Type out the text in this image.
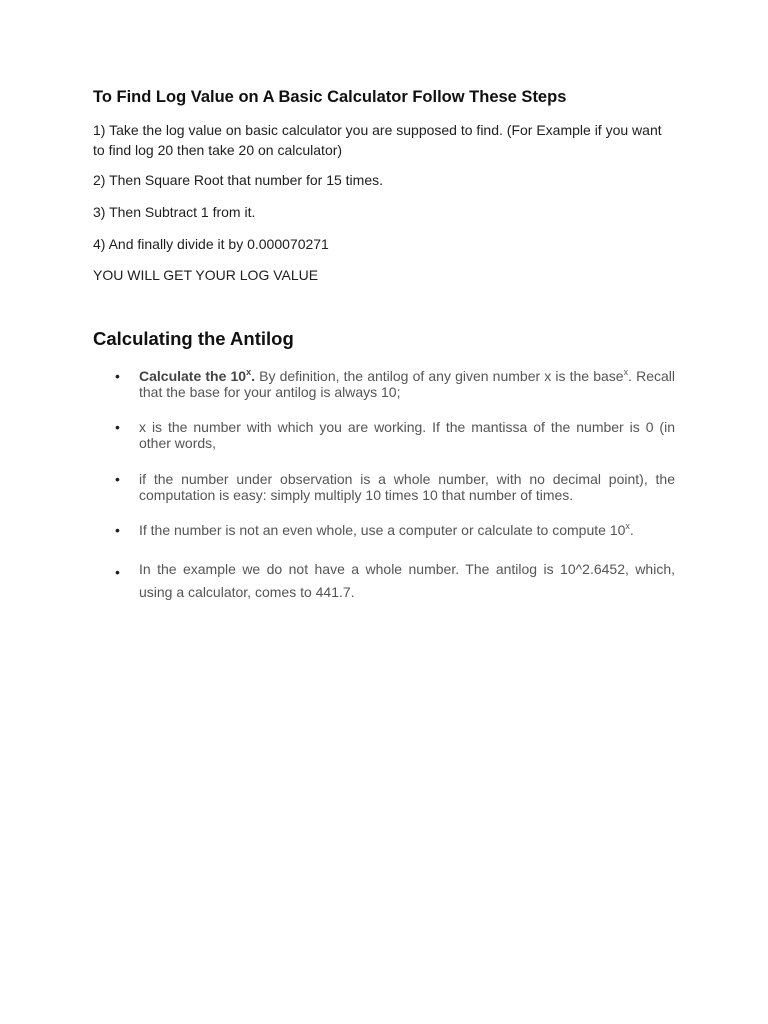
To Find Log Value on A Basic Calculator Follow These Steps
1) Take the log value on basic calculator you are supposed to find. (For Example if you want to find log 20 then take 20 on calculator)
2) Then Square Root that number for 15 times.
3) Then Subtract 1 from it.
4) And finally divide it by 0.000070271
YOU WILL GET YOUR LOG VALUE
Calculating the Antilog
• Calculate the 10$^x$. By definition, the antilog of any given number x is the base$^x$. Recall that the base for your antilog is always 10;
• x is the number with which you are working. If the mantissa of the number is 0 (in other words,
• if the number under observation is a whole number, with no decimal point), the computation is easy: simply multiply 10 times 10 that number of times.
• If the number is not an even whole, use a computer or calculate to compute 10$^x$.
• In the example we do not have a whole number. The antilog is 10^2.6452, which, using a calculator, comes to 441.7.
